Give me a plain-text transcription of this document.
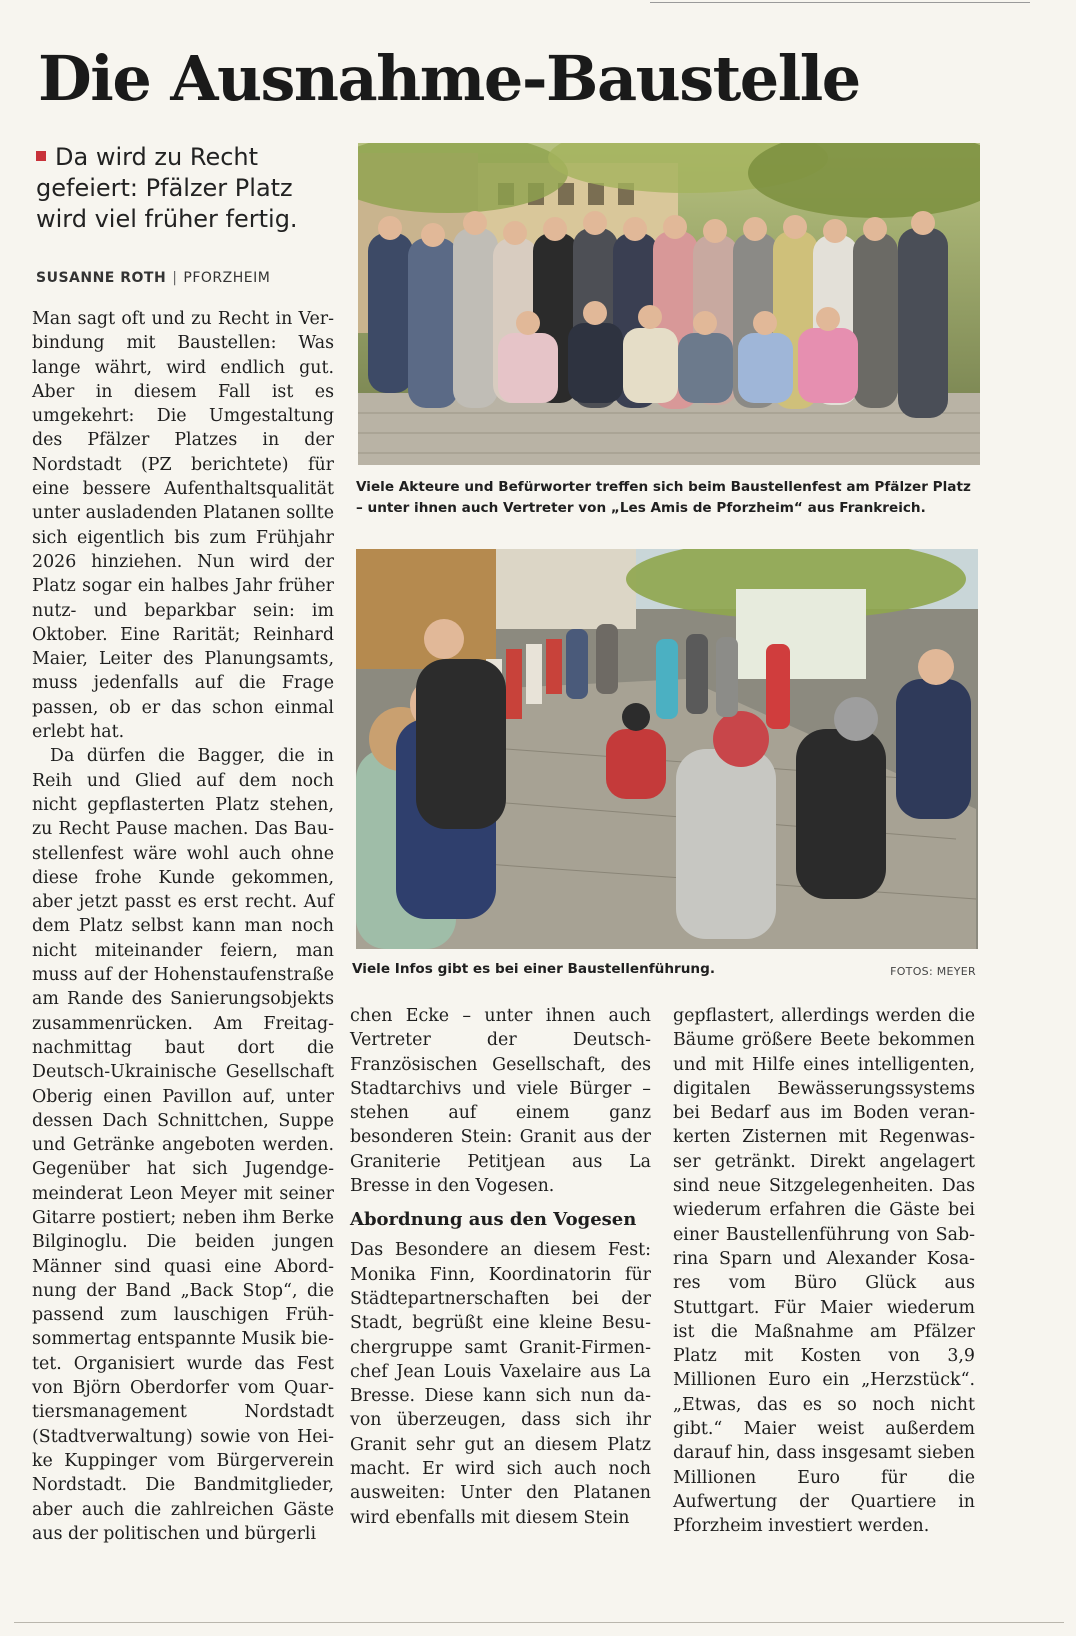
Die Ausnahme-Baustelle
Da wird zu Recht gefeiert: Pfälzer Platz wird viel früher fertig.
SUSANNE ROTH | PFORZHEIM

Man sagt oft und zu Recht in Verbindung mit Baustellen: Was lange währt, wird endlich gut. Aber in diesem Fall ist es umgekehrt: Die Umgestaltung des Pfälzer Platzes in der Nordstadt (PZ berichtete) für eine bessere Aufenthaltsqualität unter ausladenden Platanen sollte sich eigentlich bis zum Frühjahr 2026 hinziehen. Nun wird der Platz sogar ein halbes Jahr früher nutz- und beparkbar sein: im Oktober. Eine Rarität; Reinhard Maier, Leiter des Planungsamts, muss jedenfalls auf die Frage passen, ob er das schon einmal erlebt hat.

Da dürfen die Bagger, die in Reih und Glied auf dem noch nicht gepflasterten Platz stehen, zu Recht Pause machen. Das Baustellenfest wäre wohl auch ohne diese frohe Kunde gekommen, aber jetzt passt es erst recht. Auf dem Platz selbst kann man noch nicht miteinander feiern, man muss auf der Hohenstaufenstraße am Rande des Sanierungsobjekts zusammenrücken. Am Freitagnachmittag baut dort die Deutsch-Ukrainische Gesellschaft Oberig einen Pavillon auf, unter dessen Dach Schnittchen, Suppe und Getränke angeboten werden. Gegenüber hat sich Jugendgemeinderat Leon Meyer mit seiner Gitarre postiert; neben ihm Berke Bilginoglu. Die beiden jungen Männer sind quasi eine Abordnung der Band „Back Stop“, die passend zum lauschigen Frühsommertag entspannte Musik bietet. Organisiert wurde das Fest von Björn Oberdorfer vom Quartiersmanagement Nordstadt (Stadtverwaltung) sowie von Heike Kuppinger vom Bürgerverein Nordstadt. Die Bandmitglieder, aber auch die zahlreichen Gäste aus der politischen und bürgerli

Viele Akteure und Befürworter treffen sich beim Baustellenfest am Pfälzer Platz – unter ihnen auch Vertreter von „Les Amis de Pforzheim“ aus Frankreich.
Viele Infos gibt es bei einer Baustellenführung.	FOTOS: MEYER

chen Ecke – unter ihnen auch Vertreter der Deutsch-Französischen Gesellschaft, des Stadtarchivs und viele Bürger – stehen auf einem ganz besonderen Stein: Granit aus der Graniterie Petitjean aus La Bresse in den Vogesen.

Abordnung aus den Vogesen

Das Besondere an diesem Fest: Monika Finn, Koordinatorin für Städtepartnerschaften bei der Stadt, begrüßt eine kleine Besuchergruppe samt Granit-Firmenchef Jean Louis Vaxelaire aus La Bresse. Diese kann sich nun davon überzeugen, dass sich ihr Granit sehr gut an diesem Platz macht. Er wird sich auch noch ausweiten: Unter den Platanen wird ebenfalls mit diesem Stein

gepflastert, allerdings werden die Bäume größere Beete bekommen und mit Hilfe eines intelligenten, digitalen Bewässerungssystems bei Bedarf aus im Boden verankerten Zisternen mit Regenwasser getränkt. Direkt angelagert sind neue Sitzgelegenheiten. Das wiederum erfahren die Gäste bei einer Baustellenführung von Sabrina Sparn und Alexander Kosares vom Büro Glück aus Stuttgart. Für Maier wiederum ist die Maßnahme am Pfälzer Platz mit Kosten von 3,9 Millionen Euro ein „Herzstück“. „Etwas, das es so noch nicht gibt.“ Maier weist außerdem darauf hin, dass insgesamt sieben Millionen Euro für die Aufwertung der Quartiere in Pforzheim investiert werden.
